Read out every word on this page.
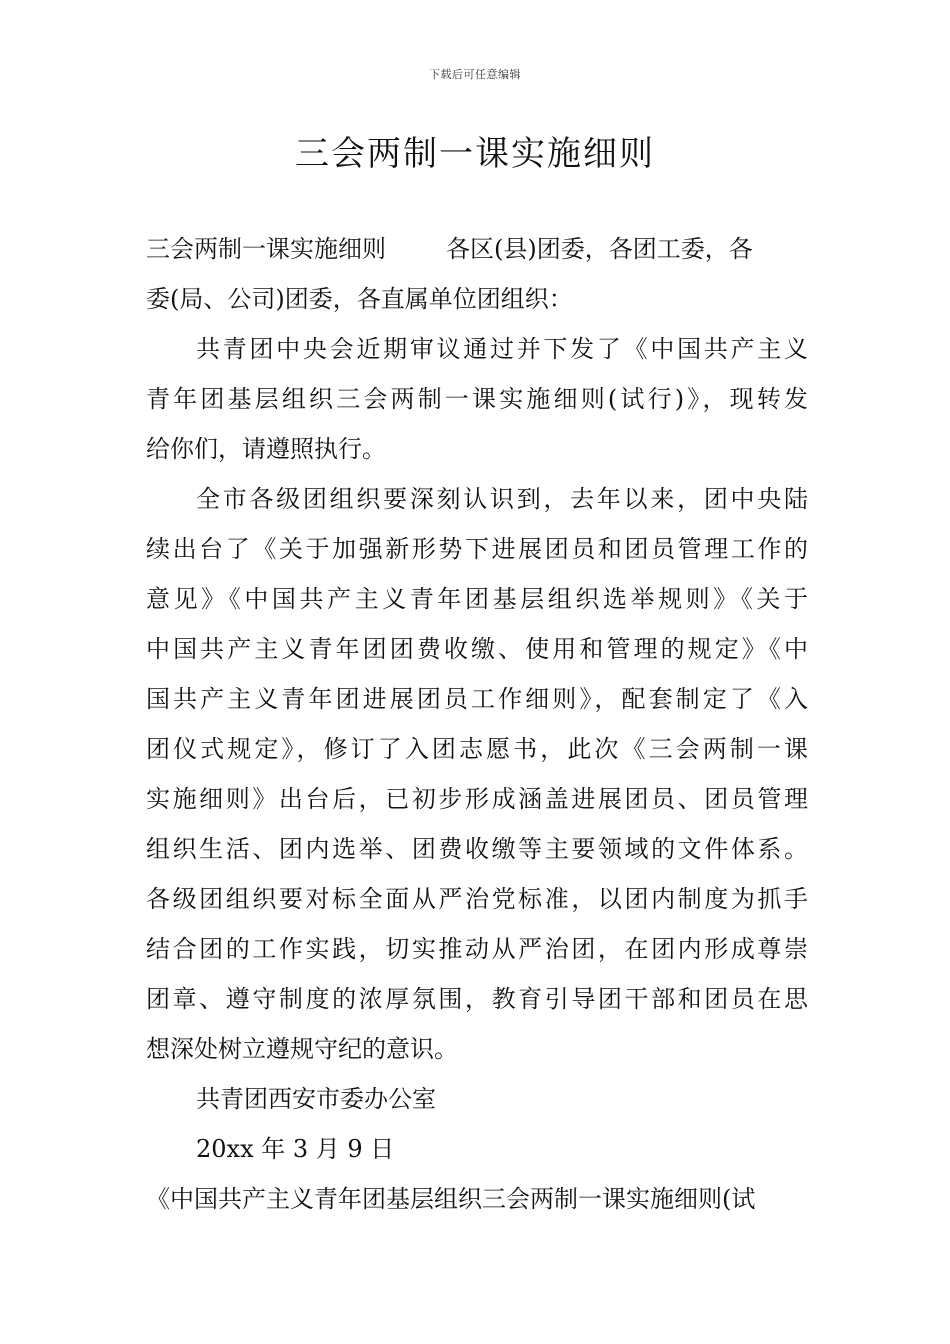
下载后可任意编辑
三会两制一课实施细则
三会两制一课实施细则	各区(县)团委，各团工委，各
委(局、公司)团委，各直属单位团组织：
共青团中央会近期审议通过并下发了《中国共产主义
青年团基层组织三会两制一课实施细则(试行)》，现转发
给你们，请遵照执行。
全市各级团组织要深刻认识到，去年以来，团中央陆
续出台了《关于加强新形势下进展团员和团员管理工作的
意见》《中国共产主义青年团基层组织选举规则》《关于
中国共产主义青年团团费收缴、使用和管理的规定》《中
国共产主义青年团进展团员工作细则》，配套制定了《入
团仪式规定》，修订了入团志愿书，此次《三会两制一课
实施细则》出台后，已初步形成涵盖进展团员、团员管理
组织生活、团内选举、团费收缴等主要领域的文件体系。
各级团组织要对标全面从严治党标准，以团内制度为抓手
结合团的工作实践，切实推动从严治团，在团内形成尊崇
团章、遵守制度的浓厚氛围，教育引导团干部和团员在思
想深处树立遵规守纪的意识。
共青团西安市委办公室
20xx 年 3 月 9 日
《中国共产主义青年团基层组织三会两制一课实施细则(试
